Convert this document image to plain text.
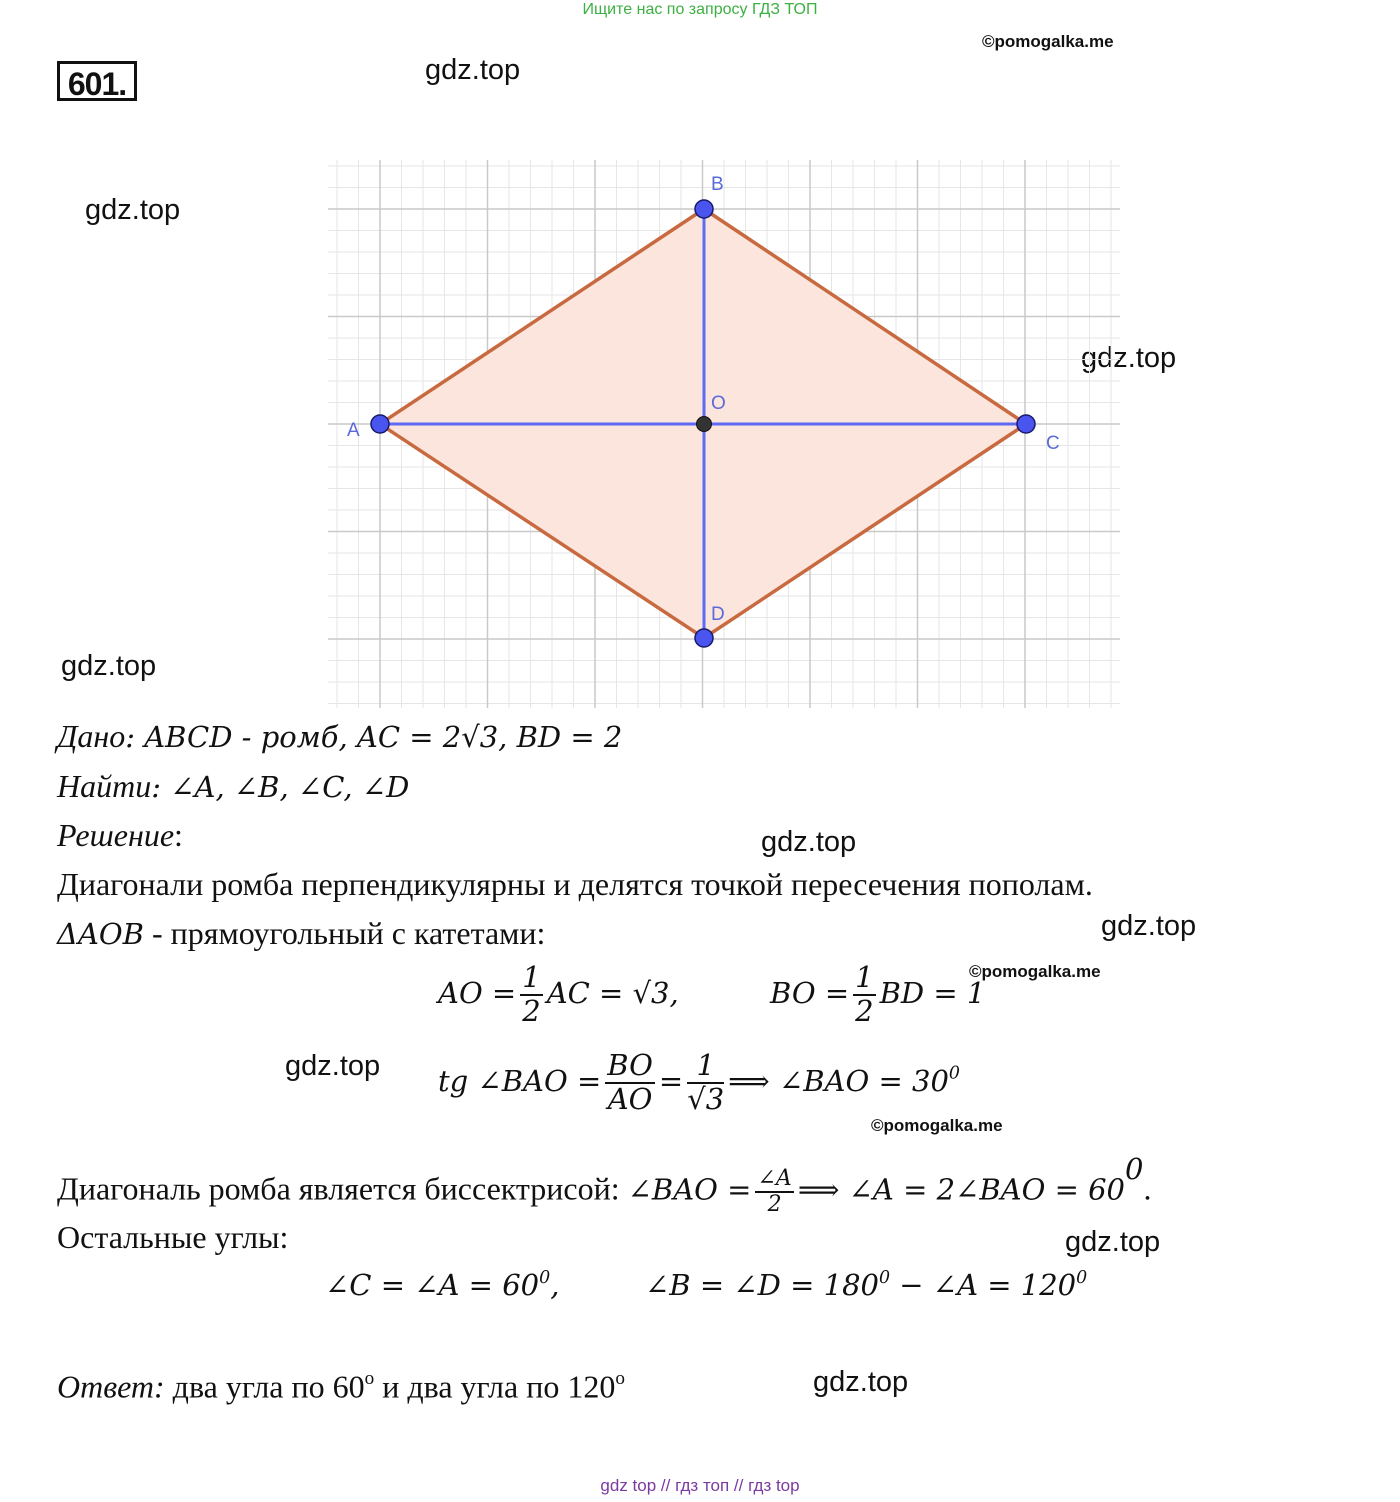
Ищите нас по запросу ГДЗ ТОП
©pomogalka.me
©pomogalka.me
©pomogalka.me
gdz.top
gdz.top
gdz.top
gdz.top
gdz.top
gdz.top
gdz.top
gdz.top
gdz.top
601.
A
B
C
D
O
Дано: ABCD - ромб, AC = 2√3, BD = 2
Найти: ∠A, ∠B, ∠C, ∠D
Решение:
Диагонали ромба перпендикулярны и делятся точкой пересечения пополам.
ΔAOB - прямоугольный с катетами:
AO = $\frac{1}{2}$ AC = √3,	BO = $\frac{1}{2}$ BD = 1
tg ∠BAO = $\frac{BO}{AO} = \frac{1}{√3}$ ⟹ ∠BAO = $30^0$
Диагональ ромба является биссектрисой: ∠BAO = $\frac{\angle A}{2}$ ⟹ ∠A = 2∠BAO = $60^0$.
Остальные углы:
∠C = ∠A = $60^0$,	∠B = ∠D = $180^0$ − ∠A = $120^0$
Ответ: два угла по 60$^o$ и два угла по 120$^o$
gdz top // гдз топ // гдз top
